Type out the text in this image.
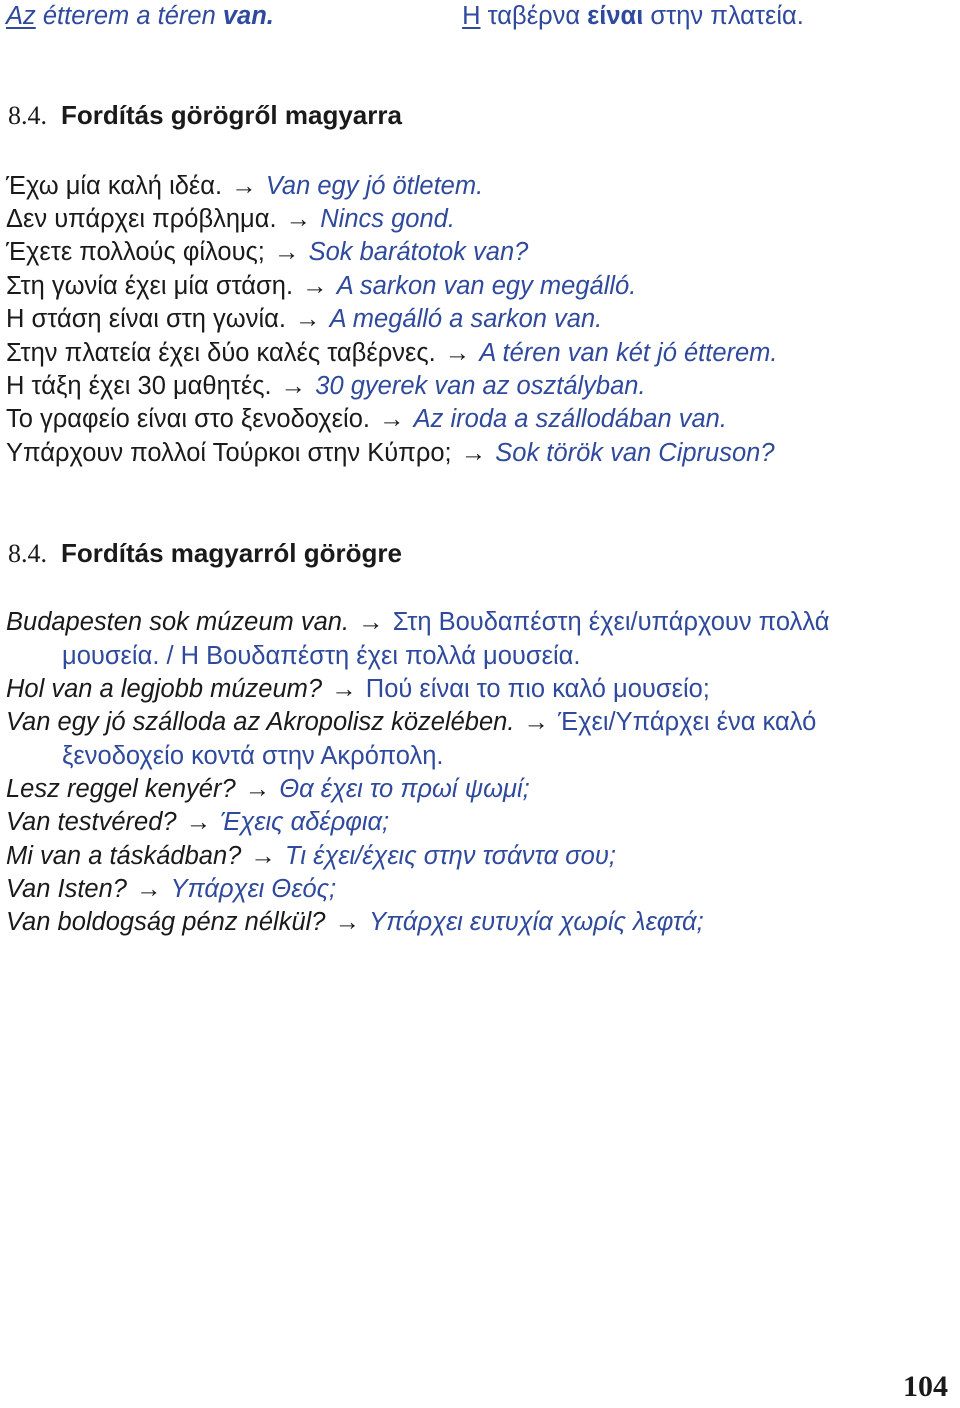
Az étterem a téren van.	Η ταβέρνα είναι στην πλατεία.
8.4. Fordítás görögről magyarra
Έχω μία καλή ιδέα. → Van egy jó ötletem.
Δεν υπάρχει πρόβλημα. → Nincs gond.
Έχετε πολλούς φίλους; → Sok barátotok van?
Στη γωνία έχει μία στάση. → A sarkon van egy megálló.
Η στάση είναι στη γωνία. → A megálló a sarkon van.
Στην πλατεία έχει δύο καλές ταβέρνες. → A téren van két jó étterem.
Η τάξη έχει 30 μαθητές. → 30 gyerek van az osztályban.
Το γραφείο είναι στο ξενοδοχείο. → Az iroda a szállodában van.
Υπάρχουν πολλοί Τούρκοι στην Κύπρο; → Sok török van Cipruson?
8.4. Fordítás magyarról görögre
Budapesten sok múzeum van. → Στη Βουδαπέστη έχει/υπάρχουν πολλά
μουσεία. / Η Βουδαπέστη έχει πολλά μουσεία.
Hol van a legjobb múzeum? → Πού είναι το πιο καλό μουσείο;
Van egy jó szálloda az Akropolisz közelében. → Έχει/Υπάρχει ένα καλό
ξενοδοχείο κοντά στην Ακρόπολη.
Lesz reggel kenyér? → Θα έχει το πρωί ψωμί;
Van testvéred? → Έχεις αδέρφια;
Mi van a táskádban? → Τι έχει/έχεις στην τσάντα σου;
Van Isten? → Υπάρχει Θεός;
Van boldogság pénz nélkül? → Υπάρχει ευτυχία χωρίς λεφτά;
104
